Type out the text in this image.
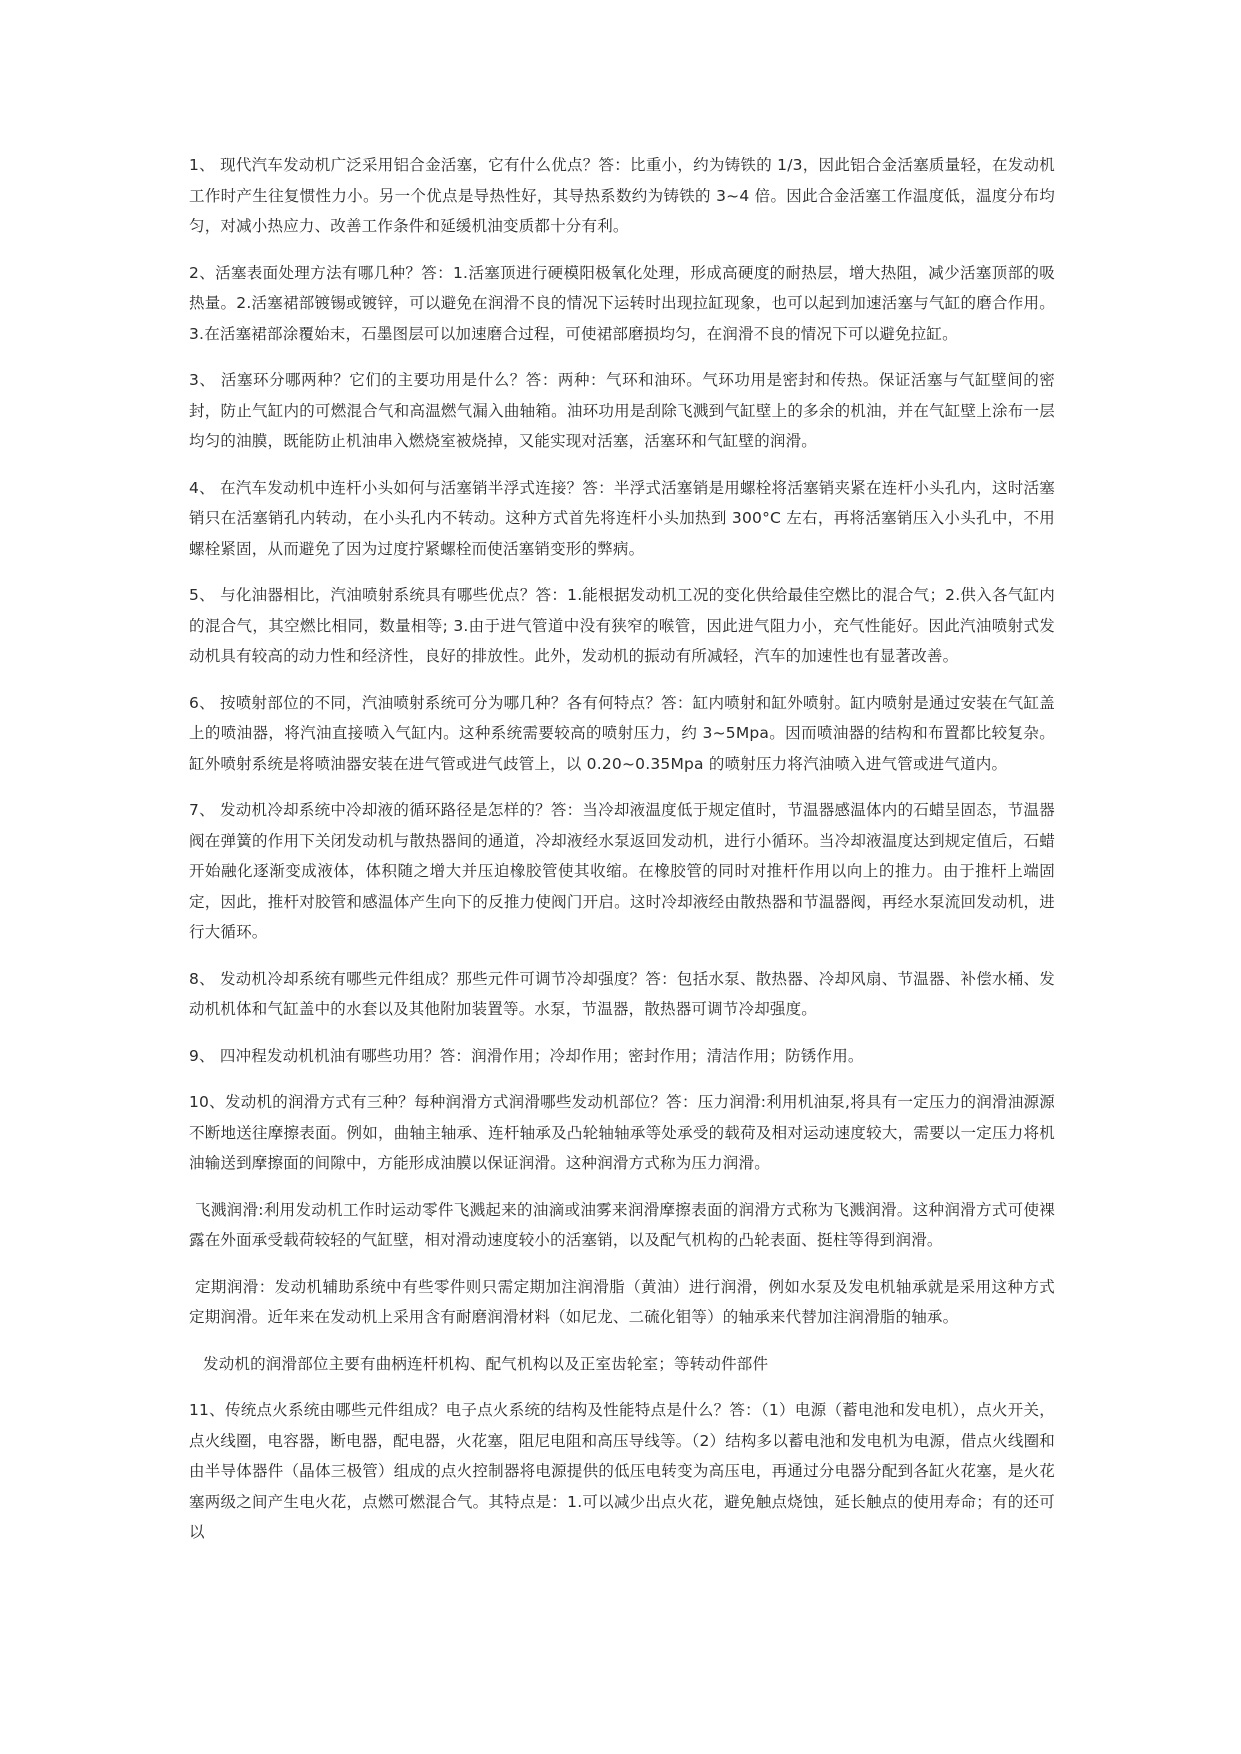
1、 现代汽车发动机广泛采用铝合金活塞，它有什么优点？答：比重小，约为铸铁的 1/3，因此铝合金活塞质量轻，在发动机工作时产生往复惯性力小。另一个优点是导热性好，其导热系数约为铸铁的 3~4 倍。因此合金活塞工作温度低，温度分布均匀，对减小热应力、改善工作条件和延缓机油变质都十分有利。

2、活塞表面处理方法有哪几种？答：1.活塞顶进行硬模阳极氧化处理，形成高硬度的耐热层，增大热阻，减少活塞顶部的吸热量。2.活塞裙部镀锡或镀锌，可以避免在润滑不良的情况下运转时出现拉缸现象，也可以起到加速活塞与气缸的磨合作用。3.在活塞裙部涂覆始末，石墨图层可以加速磨合过程，可使裙部磨损均匀，在润滑不良的情况下可以避免拉缸。

3、 活塞环分哪两种？它们的主要功用是什么？答：两种：气环和油环。气环功用是密封和传热。保证活塞与气缸壁间的密封，防止气缸内的可燃混合气和高温燃气漏入曲轴箱。油环功用是刮除飞溅到气缸壁上的多余的机油，并在气缸壁上涂布一层均匀的油膜，既能防止机油串入燃烧室被烧掉，又能实现对活塞，活塞环和气缸壁的润滑。

4、 在汽车发动机中连杆小头如何与活塞销半浮式连接？答：半浮式活塞销是用螺栓将活塞销夹紧在连杆小头孔内，这时活塞销只在活塞销孔内转动，在小头孔内不转动。这种方式首先将连杆小头加热到 300°C 左右，再将活塞销压入小头孔中，不用螺栓紧固，从而避免了因为过度拧紧螺栓而使活塞销变形的弊病。

5、 与化油器相比，汽油喷射系统具有哪些优点？答：1.能根据发动机工况的变化供给最佳空燃比的混合气；2.供入各气缸内的混合气，其空燃比相同，数量相等; 3.由于进气管道中没有狭窄的喉管，因此进气阻力小，充气性能好。因此汽油喷射式发动机具有较高的动力性和经济性，良好的排放性。此外，发动机的振动有所减轻，汽车的加速性也有显著改善。

6、 按喷射部位的不同，汽油喷射系统可分为哪几种？各有何特点？答：缸内喷射和缸外喷射。缸内喷射是通过安装在气缸盖上的喷油器，将汽油直接喷入气缸内。这种系统需要较高的喷射压力，约 3~5Mpa。因而喷油器的结构和布置都比较复杂。缸外喷射系统是将喷油器安装在进气管或进气歧管上，以 0.20~0.35Mpa 的喷射压力将汽油喷入进气管或进气道内。

7、 发动机冷却系统中冷却液的循环路径是怎样的？答：当冷却液温度低于规定值时，节温器感温体内的石蜡呈固态，节温器阀在弹簧的作用下关闭发动机与散热器间的通道，冷却液经水泵返回发动机，进行小循环。当冷却液温度达到规定值后，石蜡开始融化逐渐变成液体，体积随之增大并压迫橡胶管使其收缩。在橡胶管的同时对推杆作用以向上的推力。由于推杆上端固定，因此，推杆对胶管和感温体产生向下的反推力使阀门开启。这时冷却液经由散热器和节温器阀，再经水泵流回发动机，进行大循环。

8、 发动机冷却系统有哪些元件组成？那些元件可调节冷却强度？答：包括水泵、散热器、冷却风扇、节温器、补偿水桶、发动机机体和气缸盖中的水套以及其他附加装置等。水泵，节温器，散热器可调节冷却强度。

9、 四冲程发动机机油有哪些功用？答：润滑作用；冷却作用；密封作用；清洁作用；防锈作用。

10、发动机的润滑方式有三种？每种润滑方式润滑哪些发动机部位？答：压力润滑:利用机油泵,将具有一定压力的润滑油源源不断地送往摩擦表面。例如，曲轴主轴承、连杆轴承及凸轮轴轴承等处承受的载荷及相对运动速度较大，需要以一定压力将机油输送到摩擦面的间隙中，方能形成油膜以保证润滑。这种润滑方式称为压力润滑。

飞溅润滑:利用发动机工作时运动零件飞溅起来的油滴或油雾来润滑摩擦表面的润滑方式称为飞溅润滑。这种润滑方式可使裸露在外面承受载荷较轻的气缸壁，相对滑动速度较小的活塞销，以及配气机构的凸轮表面、挺柱等得到润滑。

定期润滑：发动机辅助系统中有些零件则只需定期加注润滑脂（黄油）进行润滑，例如水泵及发电机轴承就是采用这种方式定期润滑。近年来在发动机上采用含有耐磨润滑材料（如尼龙、二硫化钼等）的轴承来代替加注润滑脂的轴承。

发动机的润滑部位主要有曲柄连杆机构、配气机构以及正室齿轮室；等转动件部件

11、传统点火系统由哪些元件组成？电子点火系统的结构及性能特点是什么？答：（1）电源（蓄电池和发电机），点火开关，点火线圈，电容器，断电器，配电器，火花塞，阻尼电阻和高压导线等。（2）结构多以蓄电池和发电机为电源，借点火线圈和由半导体器件（晶体三极管）组成的点火控制器将电源提供的低压电转变为高压电，再通过分电器分配到各缸火花塞，是火花塞两级之间产生电火花，点燃可燃混合气。其特点是：1.可以减少出点火花，避免触点烧蚀，延长触点的使用寿命；有的还可以
